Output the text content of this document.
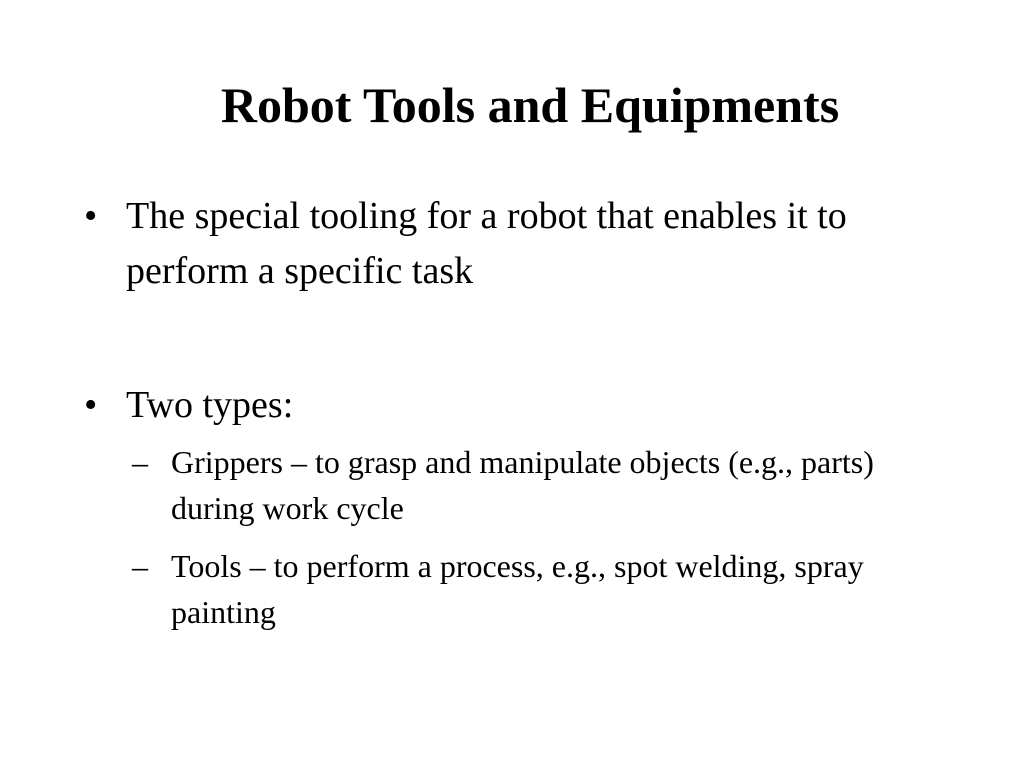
Robot Tools and Equipments
• The special tooling for a robot that enables it to perform a specific task
• Two types:
– Grippers – to grasp and manipulate objects (e.g., parts) during work cycle
– Tools – to perform a process, e.g., spot welding, spray painting
